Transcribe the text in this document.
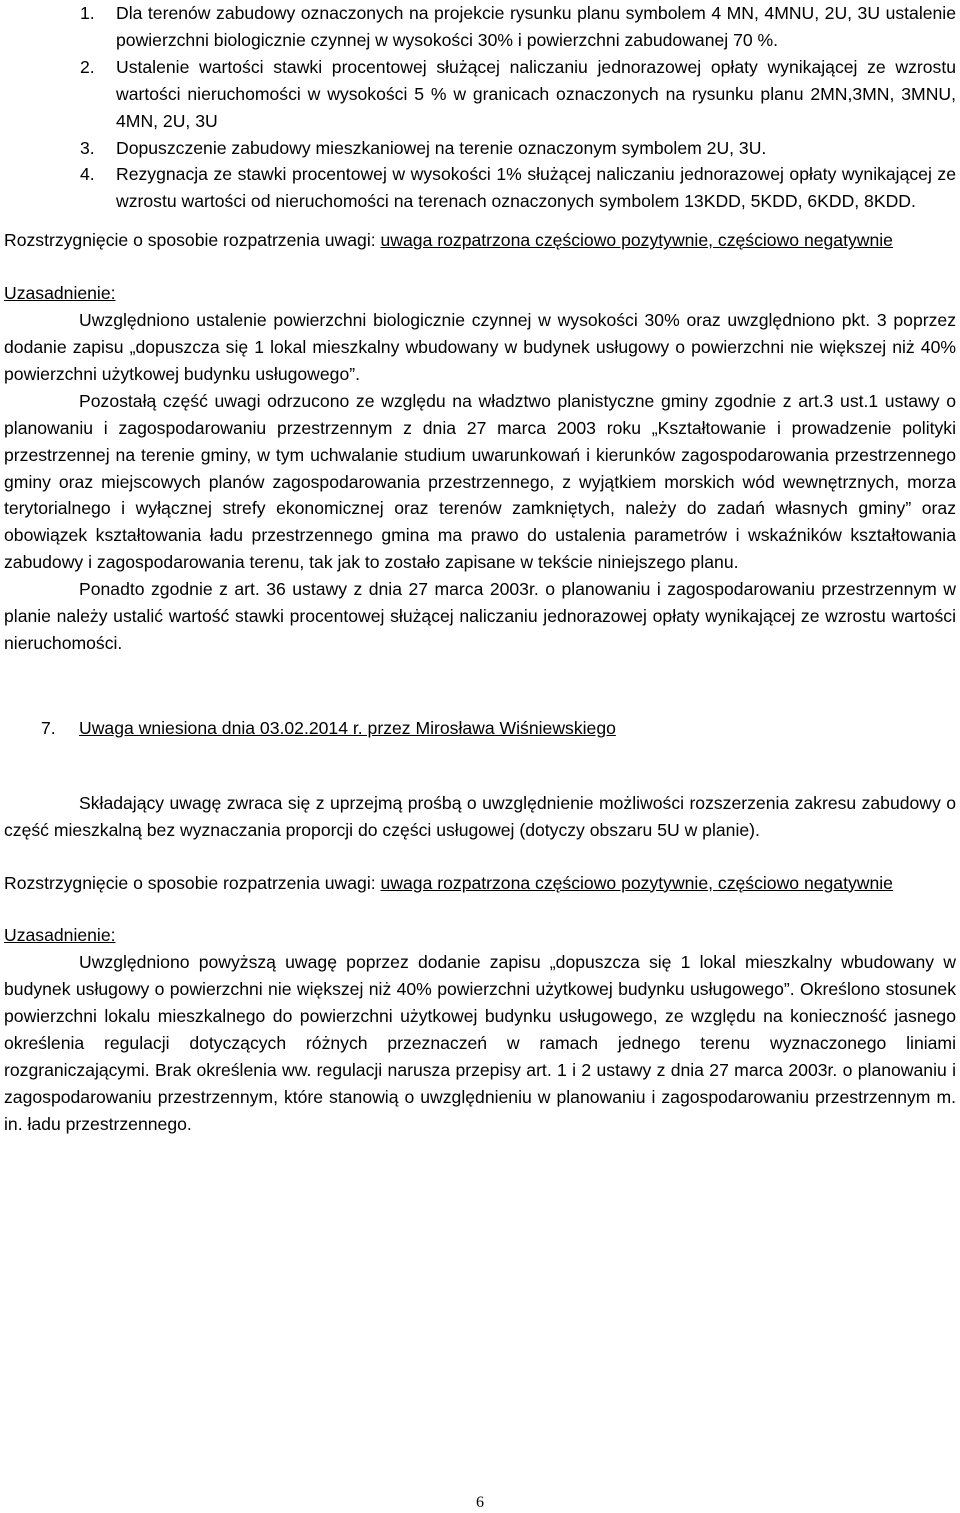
1. Dla terenów zabudowy oznaczonych na projekcie rysunku planu symbolem 4 MN, 4MNU, 2U, 3U ustalenie powierzchni biologicznie czynnej w wysokości 30% i powierzchni zabudowanej 70 %.
2. Ustalenie wartości stawki procentowej służącej naliczaniu jednorazowej opłaty wynikającej ze wzrostu wartości nieruchomości w wysokości 5 % w granicach oznaczonych na rysunku planu 2MN,3MN, 3MNU, 4MN, 2U, 3U
3. Dopuszczenie zabudowy mieszkaniowej na terenie oznaczonym symbolem 2U, 3U.
4. Rezygnacja ze stawki procentowej w wysokości 1% służącej naliczaniu jednorazowej opłaty wynikającej ze wzrostu wartości od nieruchomości na terenach oznaczonych symbolem 13KDD, 5KDD, 6KDD, 8KDD.

Rozstrzygnięcie o sposobie rozpatrzenia uwagi: uwaga rozpatrzona częściowo pozytywnie, częściowo negatywnie

Uzasadnienie:

Uwzględniono ustalenie powierzchni biologicznie czynnej w wysokości 30% oraz uwzględniono pkt. 3 poprzez dodanie zapisu „dopuszcza się 1 lokal mieszkalny wbudowany w budynek usługowy o powierzchni nie większej niż 40% powierzchni użytkowej budynku usługowego”.

Pozostałą część uwagi odrzucono ze względu na władztwo planistyczne gminy zgodnie z art.3 ust.1 ustawy o planowaniu i zagospodarowaniu przestrzennym z dnia 27 marca 2003 roku „Kształtowanie i prowadzenie polityki przestrzennej na terenie gminy, w tym uchwalanie studium uwarunkowań i kierunków zagospodarowania przestrzennego gminy oraz miejscowych planów zagospodarowania przestrzennego, z wyjątkiem morskich wód wewnętrznych, morza terytorialnego i wyłącznej strefy ekonomicznej oraz terenów zamkniętych, należy do zadań własnych gminy” oraz obowiązek kształtowania ładu przestrzennego gmina ma prawo do ustalenia parametrów i wskaźników kształtowania zabudowy i zagospodarowania terenu, tak jak to zostało zapisane w tekście niniejszego planu.

Ponadto zgodnie z art. 36 ustawy z dnia 27 marca 2003r. o planowaniu i zagospodarowaniu przestrzennym w planie należy ustalić wartość stawki procentowej służącej naliczaniu jednorazowej opłaty wynikającej ze wzrostu wartości nieruchomości.

7. Uwaga wniesiona dnia 03.02.2014 r. przez Mirosława Wiśniewskiego

Składający uwagę zwraca się z uprzejmą prośbą o uwzględnienie możliwości rozszerzenia zakresu zabudowy o część mieszkalną bez wyznaczania proporcji do części usługowej (dotyczy obszaru 5U w planie).

Rozstrzygnięcie o sposobie rozpatrzenia uwagi: uwaga rozpatrzona częściowo pozytywnie, częściowo negatywnie

Uzasadnienie:

Uwzględniono powyższą uwagę poprzez dodanie zapisu „dopuszcza się 1 lokal mieszkalny wbudowany w budynek usługowy o powierzchni nie większej niż 40% powierzchni użytkowej budynku usługowego”. Określono stosunek powierzchni lokalu mieszkalnego do powierzchni użytkowej budynku usługowego, ze względu na konieczność jasnego określenia regulacji dotyczących różnych przeznaczeń w ramach jednego terenu wyznaczonego liniami rozgraniczającymi. Brak określenia ww. regulacji narusza przepisy art. 1 i 2 ustawy z dnia 27 marca 2003r. o planowaniu i zagospodarowaniu przestrzennym, które stanowią o uwzględnieniu w planowaniu i zagospodarowaniu przestrzennym m. in. ładu przestrzennego.

6
